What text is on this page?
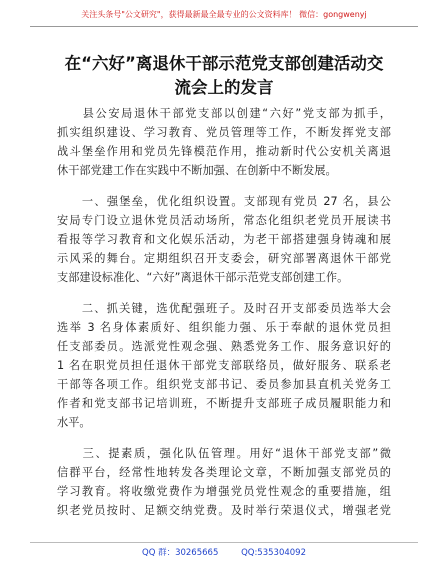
关注头条号"公文研究"，获得最新最全最专业的公文资料库！ 微信：gongwenyj
在“六好”离退休干部示范党支部创建活动交
流会上的发言
　　县公安局退休干部党支部以创建“六好”党支部为抓手，
抓实组织建设、学习教育、党员管理等工作，不断发挥党支部
战斗堡垒作用和党员先锋模范作用，推动新时代公安机关离退
休干部党建工作在实践中不断加强、在创新中不断发展。
　　一、强堡垒，优化组织设置。支部现有党员 27 名，县公
安局专门设立退休党员活动场所，常态化组织老党员开展读书
看报等学习教育和文化娱乐活动，为老干部搭建强身铸魂和展
示风采的舞台。定期组织召开支委会，研究部署离退休干部党
支部建设标准化、“六好”离退休干部示范党支部创建工作。
　　二、抓关键，选优配强班子。及时召开支部委员选举大会
选举 3 名身体素质好、组织能力强、乐于奉献的退休党员担
任支部委员。选派党性观念强、熟悉党务工作、服务意识好的
1 名在职党员担任退休干部党支部联络员，做好服务、联系老
干部等各项工作。组织党支部书记、委员参加县直机关党务工
作者和党支部书记培训班，不断提升支部班子成员履职能力和
水平。
　　三、提素质，强化队伍管理。用好“退休干部党支部”微
信群平台，经常性地转发各类理论文章，不断加强支部党员的
学习教育。将收缴党费作为增强党员党性观念的重要措施，组
织老党员按时、足额交纳党费。及时举行荣退仪式，增强老党
QQ 群：30265665	QQ:535304092
